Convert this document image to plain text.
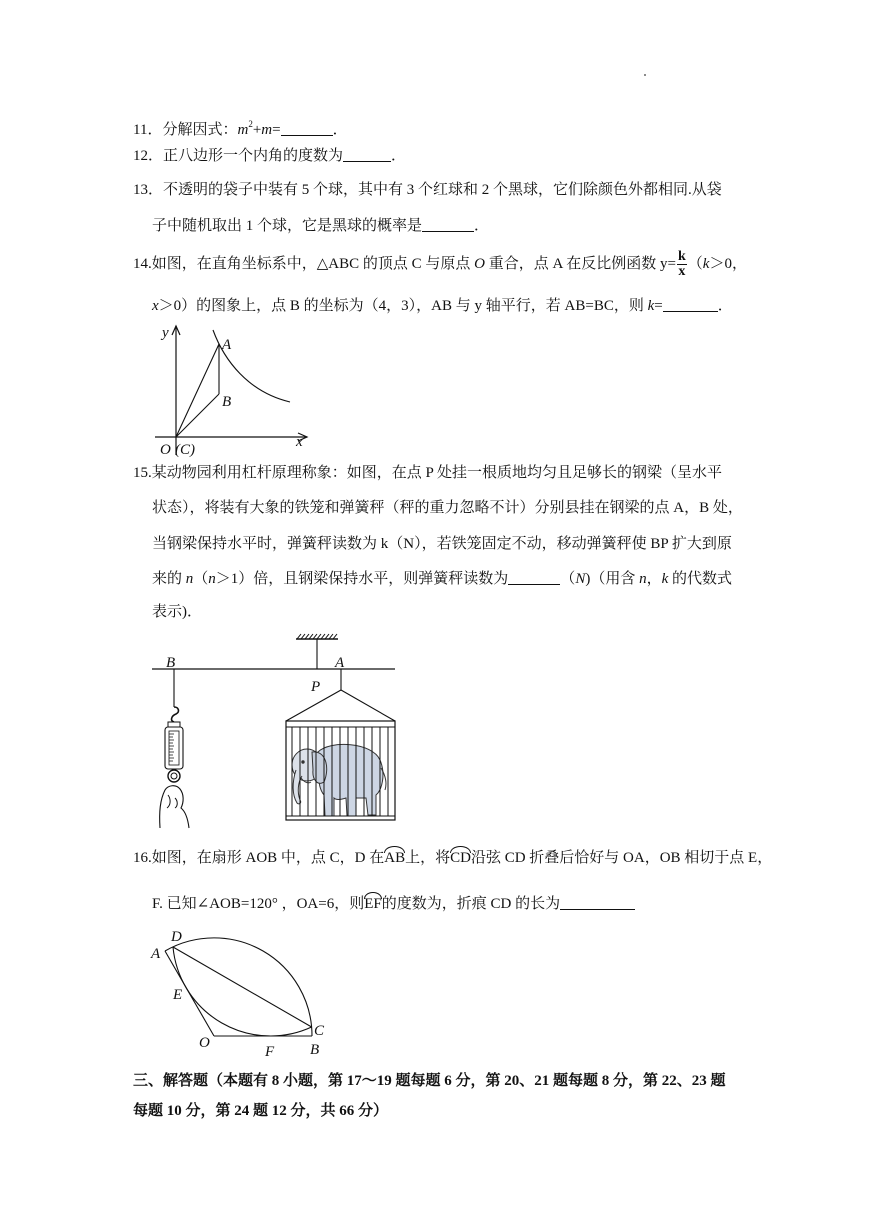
11．分解因式：$m^2+m=$	．
12．正八边形一个内角的度数为	．
13．不透明的袋子中装有 5 个球，其中有 3 个红球和 2 个黑球，它们除颜色外都相同.从袋
子中随机取出 1 个球，它是黑球的概率是	．
14.如图，在直角坐标系中，△ABC 的顶点 C 与原点 O 重合，点 A 在反比例函数 $y= \frac{k}{x} (k>0$，
x＞0）的图象上，点 B 的坐标为（4，3），AB 与 y 轴平行，若 AB=BC，则 k=	．
y
A
B
O (C)	x
15.某动物园利用杠杆原理称象：如图，在点 P 处挂一根质地均匀且足够长的钢梁（呈水平
状态），将装有大象的铁笼和弹簧秤（秤的重力忽略不计）分别县挂在钢梁的点 A，B 处，
当钢梁保持水平时，弹簧秤读数为 k（N），若铁笼固定不动，移动弹簧秤使 BP 扩大到原
来的 n（n＞1）倍，且钢梁保持水平，则弹簧秤读数为	（N)（用含 n，k 的代数式
表示)．
B	A
P
16.如图，在扇形 AOB 中，点 C，D 在
AB上，将
CD沿弦 CD 折叠后恰好与 OA，OB 相切于点 E，
F. 已知∠AOB=120° ，OA=6，则
EF的度数为，折痕 CD 的长为
D
A
E
O
F B
C
三、解答题（本题有 8 小题，第 17～19 题每题 6 分，第 20、21 题每题 8 分，第 22、23 题
每题 10 分，第 24 题 12 分，共 66 分）
